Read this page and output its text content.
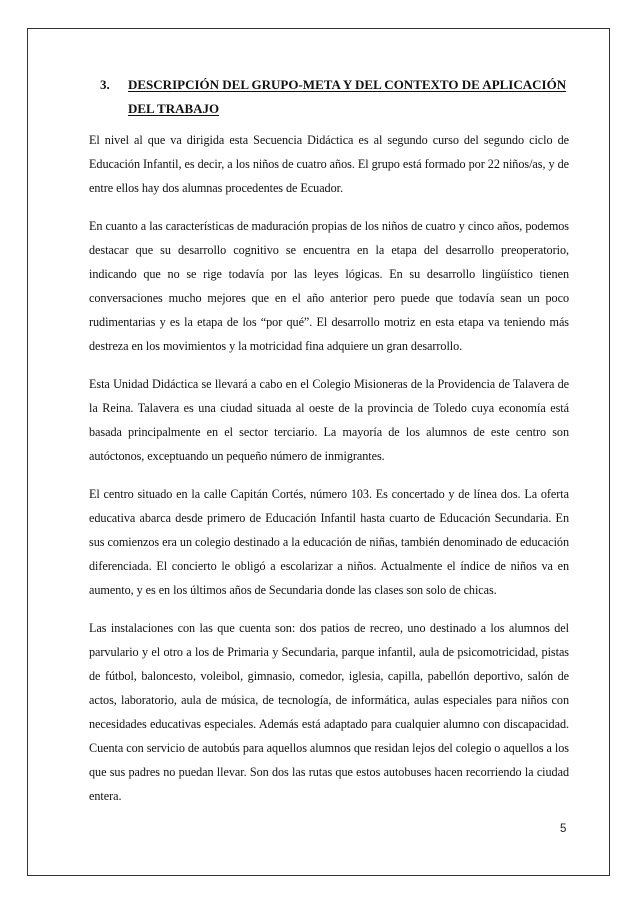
3.	DESCRIPCIÓN DEL GRUPO-META Y DEL CONTEXTO DE APLICACIÓN DEL TRABAJO

El nivel al que va dirigida esta Secuencia Didáctica es al segundo curso del segundo ciclo de Educación Infantil, es decir, a los niños de cuatro años. El grupo está formado por 22 niños/as, y de entre ellos hay dos alumnas procedentes de Ecuador.

En cuanto a las características de maduración propias de los niños de cuatro y cinco años, podemos destacar que su desarrollo cognitivo se encuentra en la etapa del desarrollo preoperatorio, indicando que no se rige todavía por las leyes lógicas. En su desarrollo lingüístico tienen conversaciones mucho mejores que en el año anterior pero puede que todavía sean un poco rudimentarias y es la etapa de los “por qué”. El desarrollo motriz en esta etapa va teniendo más destreza en los movimientos y la motricidad fina adquiere un gran desarrollo.

Esta Unidad Didáctica se llevará a cabo en el Colegio Misioneras de la Providencia de Talavera de la Reina. Talavera es una ciudad situada al oeste de la provincia de Toledo cuya economía está basada principalmente en el sector terciario. La mayoría de los alumnos de este centro son autóctonos, exceptuando un pequeño número de inmigrantes.

El centro situado en la calle Capitán Cortés, número 103. Es concertado y de línea dos. La oferta educativa abarca desde primero de Educación Infantil hasta cuarto de Educación Secundaria. En sus comienzos era un colegio destinado a la educación de niñas, también denominado de educación diferenciada. El concierto le obligó a escolarizar a niños. Actualmente el índice de niños va en aumento, y es en los últimos años de Secundaria donde las clases son solo de chicas.

Las instalaciones con las que cuenta son: dos patios de recreo, uno destinado a los alumnos del parvulario y el otro a los de Primaria y Secundaria, parque infantil, aula de psicomotricidad, pistas de fútbol, baloncesto, voleibol, gimnasio, comedor, iglesia, capilla, pabellón deportivo, salón de actos, laboratorio, aula de música, de tecnología, de informática, aulas especiales para niños con necesidades educativas especiales. Además está adaptado para cualquier alumno con discapacidad. Cuenta con servicio de autobús para aquellos alumnos que residan lejos del colegio o aquellos a los que sus padres no puedan llevar. Son dos las rutas que estos autobuses hacen recorriendo la ciudad entera.

5
